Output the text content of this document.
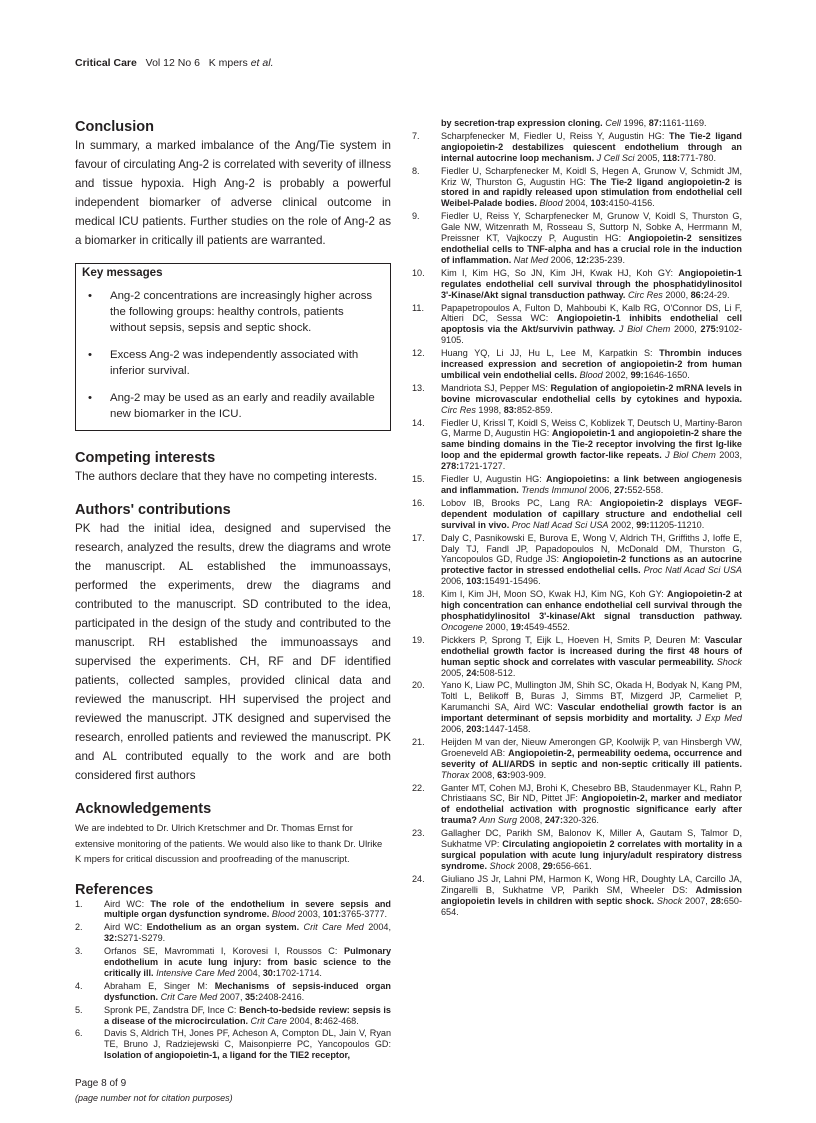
Critical Care Vol 12 No 6 K mpers et al.
Conclusion

In summary, a marked imbalance of the Ang/Tie system in favour of circulating Ang-2 is correlated with severity of illness and tissue hypoxia. High Ang-2 is probably a powerful independent biomarker of adverse clinical outcome in medical ICU patients. Further studies on the role of Ang-2 as a biomarker in critically ill patients are warranted.

Key messages
• Ang-2 concentrations are increasingly higher across the following groups: healthy controls, patients without sepsis, sepsis and septic shock.
• Excess Ang-2 was independently associated with inferior survival.
• Ang-2 may be used as an early and readily available new biomarker in the ICU.
Competing interests

The authors declare that they have no competing interests.

Authors' contributions

PK had the initial idea, designed and supervised the research, analyzed the results, drew the diagrams and wrote the manuscript. AL established the immunoassays, performed the experiments, drew the diagrams and contributed to the manuscript. SD contributed to the idea, participated in the design of the study and contributed to the manuscript. RH established the immunoassays and supervised the experiments. CH, RF and DF identified patients, collected samples, provided clinical data and reviewed the manuscript. HH supervised the project and reviewed the manuscript. JTK designed and supervised the research, enrolled patients and reviewed the manuscript. PK and AL contributed equally to the work and are both considered first authors

Acknowledgements

We are indebted to Dr. Ulrich Kretschmer and Dr. Thomas Ernst for extensive monitoring of the patients. We would also like to thank Dr. Ulrike K mpers for critical discussion and proofreading of the manuscript.

References
1. Aird WC: The role of the endothelium in severe sepsis and multiple organ dysfunction syndrome. Blood 2003, 101:3765-3777.
2. Aird WC: Endothelium as an organ system. Crit Care Med 2004, 32:S271-S279.
3. Orfanos SE, Mavrommati I, Korovesi I, Roussos C: Pulmonary endothelium in acute lung injury: from basic science to the critically ill. Intensive Care Med 2004, 30:1702-1714.
4. Abraham E, Singer M: Mechanisms of sepsis-induced organ dysfunction. Crit Care Med 2007, 35:2408-2416.
5. Spronk PE, Zandstra DF, Ince C: Bench-to-bedside review: sepsis is a disease of the microcirculation. Crit Care 2004, 8:462-468.
6. Davis S, Aldrich TH, Jones PF, Acheson A, Compton DL, Jain V, Ryan TE, Bruno J, Radziejewski C, Maisonpierre PC, Yancopoulos GD: Isolation of angiopoietin-1, a ligand for the TIE2 receptor,
by secretion-trap expression cloning. Cell 1996, 87:1161-1169.
7. Scharpfenecker M, Fiedler U, Reiss Y, Augustin HG: The Tie-2 ligand angiopoietin-2 destabilizes quiescent endothelium through an internal autocrine loop mechanism. J Cell Sci 2005, 118:771-780.
8. Fiedler U, Scharpfenecker M, Koidl S, Hegen A, Grunow V, Schmidt JM, Kriz W, Thurston G, Augustin HG: The Tie-2 ligand angiopoietin-2 is stored in and rapidly released upon stimulation from endothelial cell Weibel-Palade bodies. Blood 2004, 103:4150-4156.
9. Fiedler U, Reiss Y, Scharpfenecker M, Grunow V, Koidl S, Thurston G, Gale NW, Witzenrath M, Rosseau S, Suttorp N, Sobke A, Herrmann M, Preissner KT, Vajkoczy P, Augustin HG: Angiopoietin-2 sensitizes endothelial cells to TNF-alpha and has a crucial role in the induction of inflammation. Nat Med 2006, 12:235-239.
10. Kim I, Kim HG, So JN, Kim JH, Kwak HJ, Koh GY: Angiopoietin-1 regulates endothelial cell survival through the phosphatidylinositol 3'-Kinase/Akt signal transduction pathway. Circ Res 2000, 86:24-29.
11. Papapetropoulos A, Fulton D, Mahboubi K, Kalb RG, O'Connor DS, Li F, Altieri DC, Sessa WC: Angiopoietin-1 inhibits endothelial cell apoptosis via the Akt/survivin pathway. J Biol Chem 2000, 275:9102-9105.
12. Huang YQ, Li JJ, Hu L, Lee M, Karpatkin S: Thrombin induces increased expression and secretion of angiopoietin-2 from human umbilical vein endothelial cells. Blood 2002, 99:1646-1650.
13. Mandriota SJ, Pepper MS: Regulation of angiopoietin-2 mRNA levels in bovine microvascular endothelial cells by cytokines and hypoxia. Circ Res 1998, 83:852-859.
14. Fiedler U, Krissl T, Koidl S, Weiss C, Koblizek T, Deutsch U, Martiny-Baron G, Marme D, Augustin HG: Angiopoietin-1 and angiopoietin-2 share the same binding domains in the Tie-2 receptor involving the first Ig-like loop and the epidermal growth factor-like repeats. J Biol Chem 2003, 278:1721-1727.
15. Fiedler U, Augustin HG: Angiopoietins: a link between angiogenesis and inflammation. Trends Immunol 2006, 27:552-558.
16. Lobov IB, Brooks PC, Lang RA: Angiopoietin-2 displays VEGF-dependent modulation of capillary structure and endothelial cell survival in vivo. Proc Natl Acad Sci USA 2002, 99:11205-11210.
17. Daly C, Pasnikowski E, Burova E, Wong V, Aldrich TH, Griffiths J, Ioffe E, Daly TJ, Fandl JP, Papadopoulos N, McDonald DM, Thurston G, Yancopoulos GD, Rudge JS: Angiopoietin-2 functions as an autocrine protective factor in stressed endothelial cells. Proc Natl Acad Sci USA 2006, 103:15491-15496.
18. Kim I, Kim JH, Moon SO, Kwak HJ, Kim NG, Koh GY: Angiopoietin-2 at high concentration can enhance endothelial cell survival through the phosphatidylinositol 3'-kinase/Akt signal transduction pathway. Oncogene 2000, 19:4549-4552.
19. Pickkers P, Sprong T, Eijk L, Hoeven H, Smits P, Deuren M: Vascular endothelial growth factor is increased during the first 48 hours of human septic shock and correlates with vascular permeability. Shock 2005, 24:508-512.
20. Yano K, Liaw PC, Mullington JM, Shih SC, Okada H, Bodyak N, Kang PM, Toltl L, Belikoff B, Buras J, Simms BT, Mizgerd JP, Carmeliet P, Karumanchi SA, Aird WC: Vascular endothelial growth factor is an important determinant of sepsis morbidity and mortality. J Exp Med 2006, 203:1447-1458.
21. Heijden M van der, Nieuw Amerongen GP, Koolwijk P, van Hinsbergh VW, Groeneveld AB: Angiopoietin-2, permeability oedema, occurrence and severity of ALI/ARDS in septic and non-septic critically ill patients. Thorax 2008, 63:903-909.
22. Ganter MT, Cohen MJ, Brohi K, Chesebro BB, Staudenmayer KL, Rahn P, Christiaans SC, Bir ND, Pittet JF: Angiopoietin-2, marker and mediator of endothelial activation with prognostic significance early after trauma? Ann Surg 2008, 247:320-326.
23. Gallagher DC, Parikh SM, Balonov K, Miller A, Gautam S, Talmor D, Sukhatme VP: Circulating angiopoietin 2 correlates with mortality in a surgical population with acute lung injury/adult respiratory distress syndrome. Shock 2008, 29:656-661.
24. Giuliano JS Jr, Lahni PM, Harmon K, Wong HR, Doughty LA, Carcillo JA, Zingarelli B, Sukhatme VP, Parikh SM, Wheeler DS: Admission angiopoietin levels in children with septic shock. Shock 2007, 28:650-654.
Page 8 of 9
(page number not for citation purposes)
